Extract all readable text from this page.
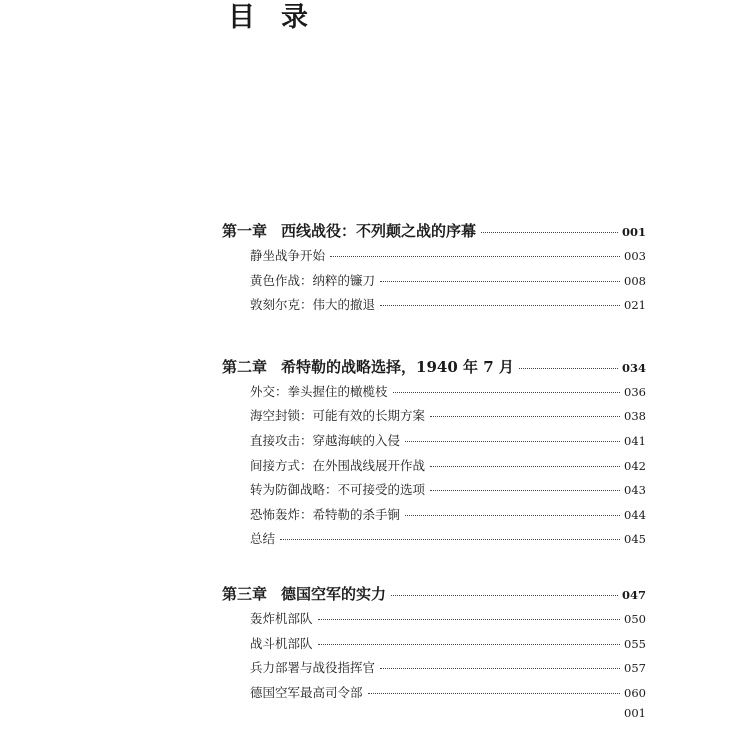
目录
第一章 西线战役：不列颠之战的序幕	001
静坐战争开始	003
黄色作战：纳粹的镰刀	008
敦刻尔克：伟大的撤退	021
第二章 希特勒的战略选择，1940 年 7 月	034
外交：拳头握住的橄榄枝	036
海空封锁：可能有效的长期方案	038
直接攻击：穿越海峡的入侵	041
间接方式：在外围战线展开作战	042
转为防御战略：不可接受的选项	043
恐怖轰炸：希特勒的杀手锏	044
总结	045
第三章 德国空军的实力	047
轰炸机部队	050
战斗机部队	055
兵力部署与战役指挥官	057
德国空军最高司令部	060
001
